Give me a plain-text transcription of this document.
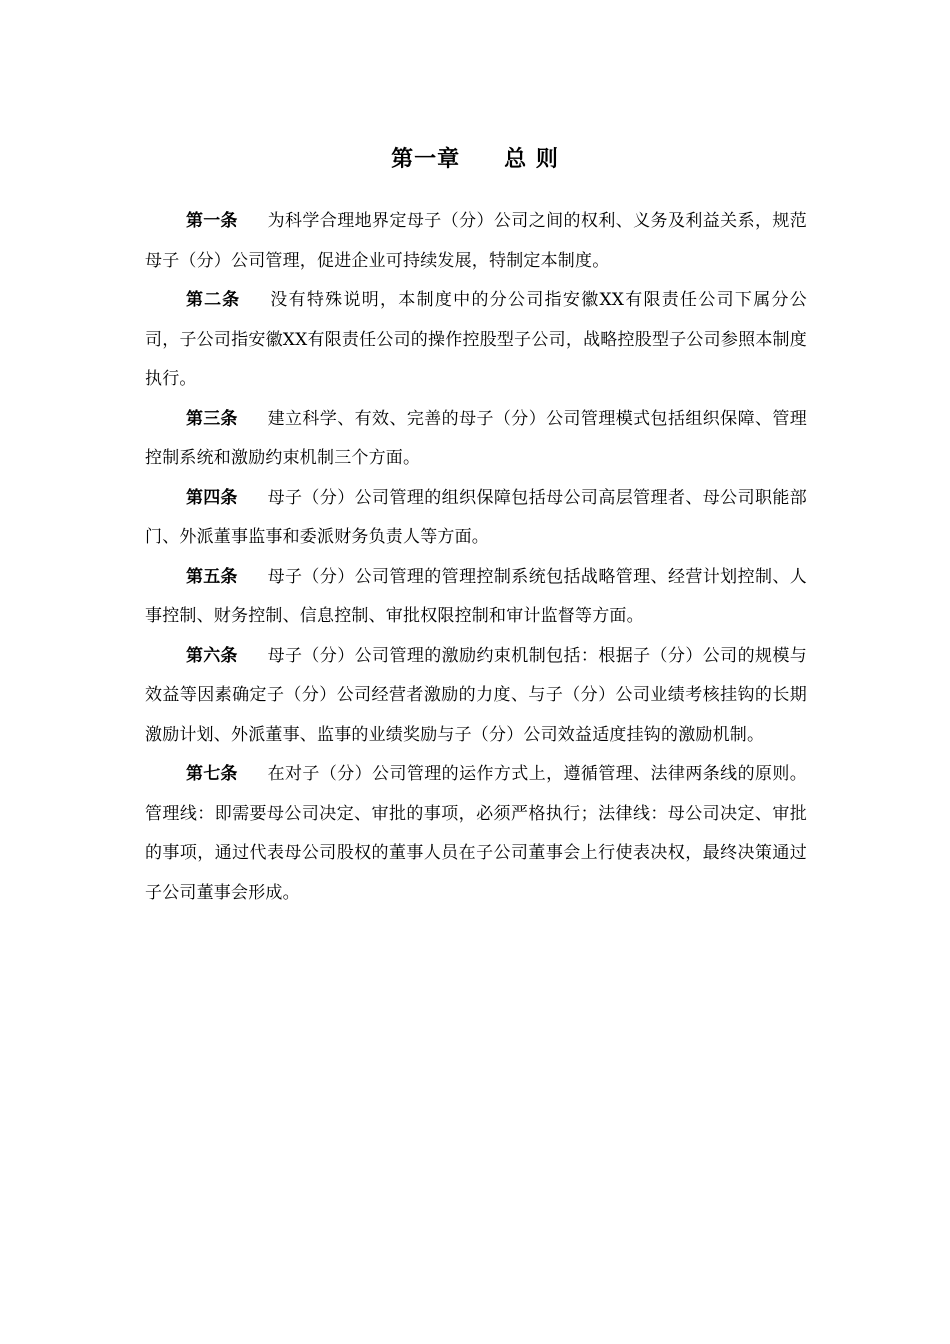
第一章 总 则

第一条 为科学合理地界定母子（分）公司之间的权利、义务及利益关系，规范母子（分）公司管理，促进企业可持续发展，特制定本制度。

第二条 没有特殊说明，本制度中的分公司指安徽XX有限责任公司下属分公司，子公司指安徽XX有限责任公司的操作控股型子公司，战略控股型子公司参照本制度执行。

第三条 建立科学、有效、完善的母子（分）公司管理模式包括组织保障、管理控制系统和激励约束机制三个方面。

第四条 母子（分）公司管理的组织保障包括母公司高层管理者、母公司职能部门、外派董事监事和委派财务负责人等方面。

第五条 母子（分）公司管理的管理控制系统包括战略管理、经营计划控制、人事控制、财务控制、信息控制、审批权限控制和审计监督等方面。

第六条 母子（分）公司管理的激励约束机制包括：根据子（分）公司的规模与效益等因素确定子（分）公司经营者激励的力度、与子（分）公司业绩考核挂钩的长期激励计划、外派董事、监事的业绩奖励与子（分）公司效益适度挂钩的激励机制。

第七条 在对子（分）公司管理的运作方式上，遵循管理、法律两条线的原则。管理线：即需要母公司决定、审批的事项，必须严格执行；法律线：母公司决定、审批的事项，通过代表母公司股权的董事人员在子公司董事会上行使表决权，最终决策通过子公司董事会形成。
